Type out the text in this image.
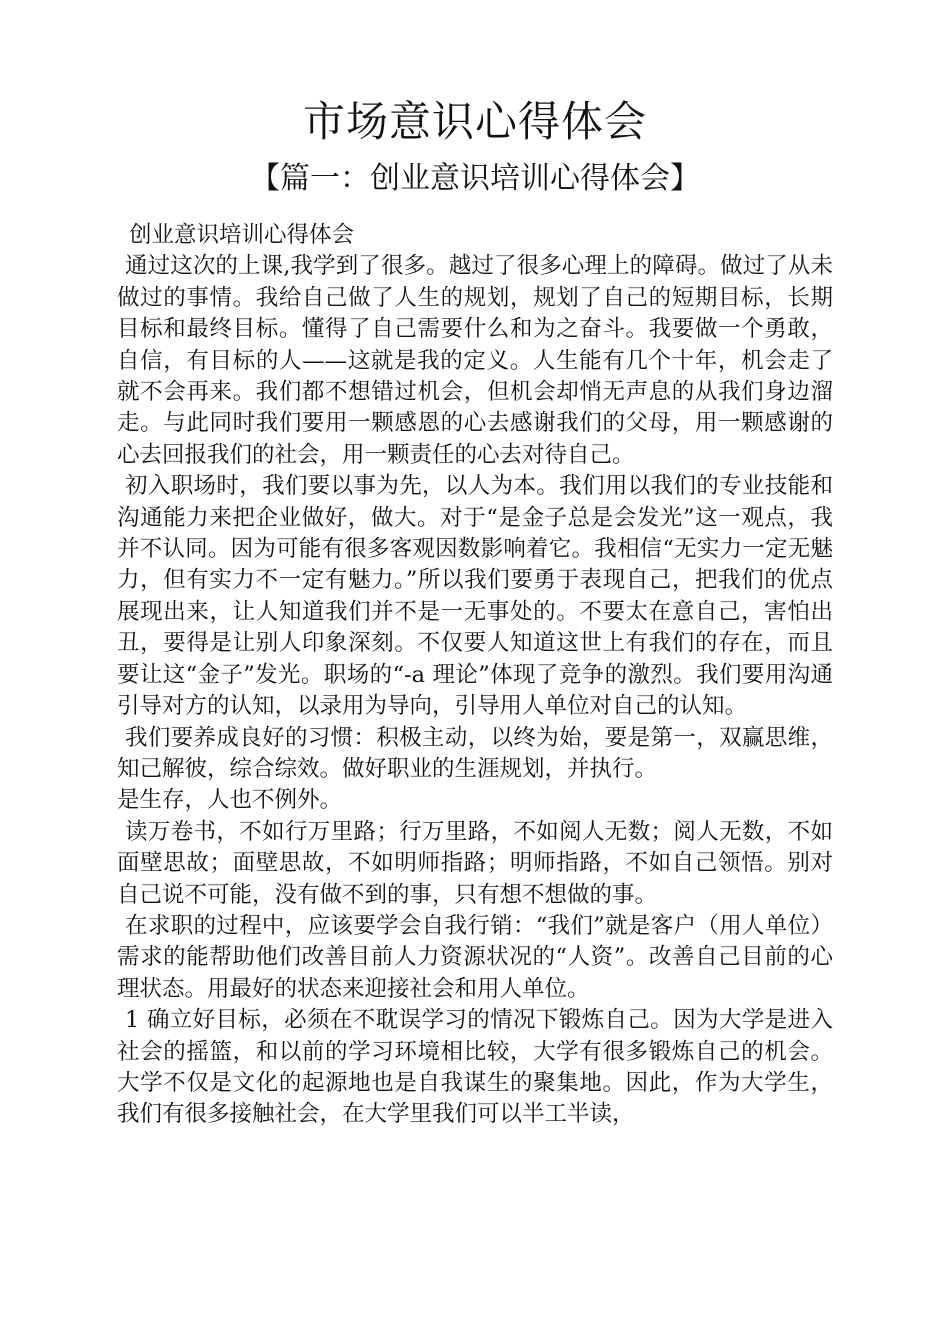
市场意识心得体会
【篇一：创业意识培训心得体会】

创业意识培训心得体会

通过这次的上课,我学到了很多。越过了很多心理上的障碍。做过了从未做过的事情。我给自己做了人生的规划，规划了自己的短期目标，长期目标和最终目标。懂得了自己需要什么和为之奋斗。我要做一个勇敢，自信，有目标的人——这就是我的定义。人生能有几个十年，机会走了就不会再来。我们都不想错过机会，但机会却悄无声息的从我们身边溜走。与此同时我们要用一颗感恩的心去感谢我们的父母，用一颗感谢的心去回报我们的社会，用一颗责任的心去对待自己。

初入职场时，我们要以事为先，以人为本。我们用以我们的专业技能和沟通能力来把企业做好，做大。对于“是金子总是会发光”这一观点，我并不认同。因为可能有很多客观因数影响着它。我相信“无实力一定无魅力，但有实力不一定有魅力。”所以我们要勇于表现自己，把我们的优点展现出来，让人知道我们并不是一无事处的。不要太在意自己，害怕出丑，要得是让别人印象深刻。不仅要人知道这世上有我们的存在，而且要让这“金子”发光。职场的“-a 理论”体现了竞争的激烈。我们要用沟通引导对方的认知，以录用为导向，引导用人单位对自己的认知。

我们要养成良好的习惯：积极主动，以终为始，要是第一，双赢思维，知己解彼，综合综效。做好职业的生涯规划，并执行。

是生存，人也不例外。

读万卷书，不如行万里路；行万里路，不如阅人无数；阅人无数，不如面壁思故；面壁思故，不如明师指路；明师指路，不如自己领悟。别对自己说不可能，没有做不到的事，只有想不想做的事。

在求职的过程中，应该要学会自我行销：“我们”就是客户（用人单位）需求的能帮助他们改善目前人力资源状况的“人资”。改善自己目前的心理状态。用最好的状态来迎接社会和用人单位。

1 确立好目标，必须在不耽误学习的情况下锻炼自己。因为大学是进入社会的摇篮，和以前的学习环境相比较，大学有很多锻炼自己的机会。大学不仅是文化的起源地也是自我谋生的聚集地。因此，作为大学生，我们有很多接触社会，在大学里我们可以半工半读，
